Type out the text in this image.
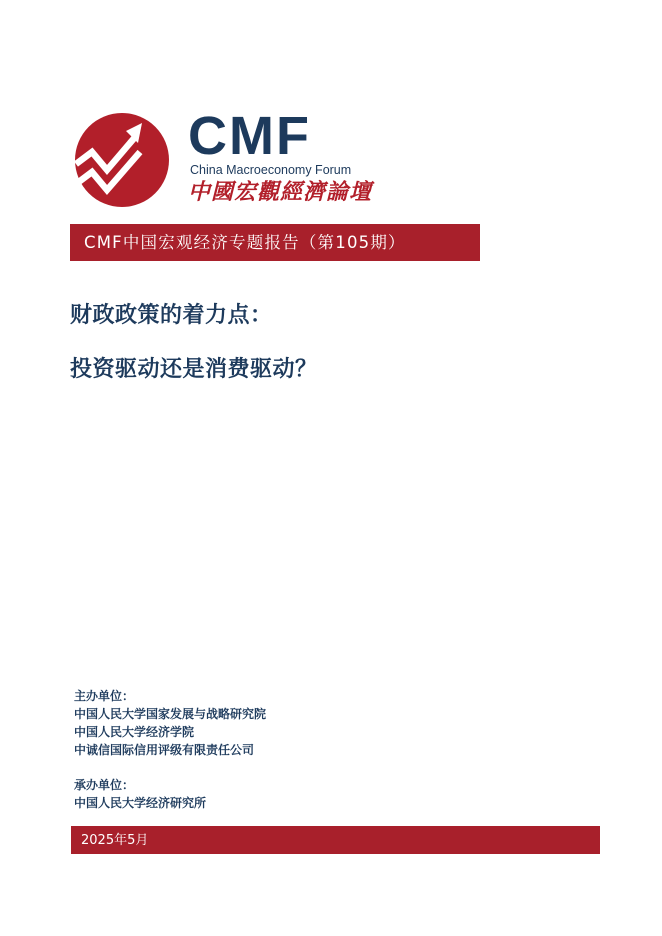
CMF
China Macroeconomy Forum
中國宏觀經濟論壇
CMF中国宏观经济专题报告（第105期）
财政政策的着力点：
投资驱动还是消费驱动？
主办单位：
中国人民大学国家发展与战略研究院
中国人民大学经济学院
中诚信国际信用评级有限责任公司
承办单位：
中国人民大学经济研究所
2025年5月
